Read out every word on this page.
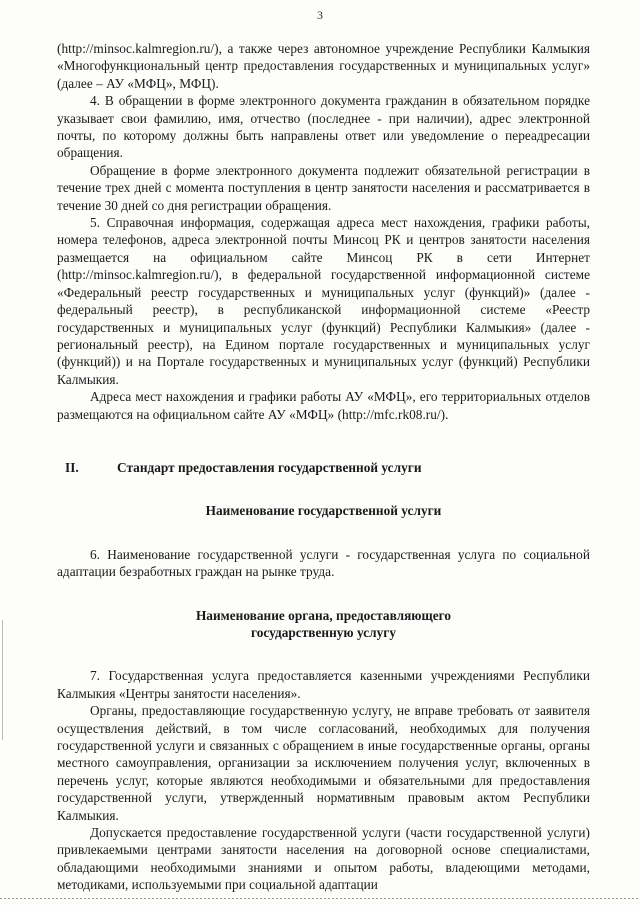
3

(http://minsoc.kalmregion.ru/), а также через автономное учреждение Республики Калмыкия «Многофункциональный центр предоставления государственных и муниципальных услуг» (далее – АУ «МФЦ», МФЦ).

4. В обращении в форме электронного документа гражданин в обязательном порядке указывает свои фамилию, имя, отчество (последнее - при наличии), адрес электронной почты, по которому должны быть направлены ответ или уведомление о переадресации обращения.

Обращение в форме электронного документа подлежит обязательной регистрации в течение трех дней с момента поступления в центр занятости населения и рассматривается в течение 30 дней со дня регистрации обращения.

5. Справочная информация, содержащая адреса мест нахождения, графики работы, номера телефонов, адреса электронной почты Минсоц РК и центров занятости населения размещается на официальном сайте Минсоц РК в сети Интернет (http://minsoc.kalmregion.ru/), в федеральной государственной информационной системе «Федеральный реестр государственных и муниципальных услуг (функций)» (далее - федеральный реестр), в республиканской информационной системе «Реестр государственных и муниципальных услуг (функций) Республики Калмыкия» (далее - региональный реестр), на Едином портале государственных и муниципальных услуг (функций)) и на Портале государственных и муниципальных услуг (функций) Республики Калмыкия.

Адреса мест нахождения и графики работы АУ «МФЦ», его территориальных отделов размещаются на официальном сайте АУ «МФЦ» (http://mfc.rk08.ru/).

II.	Стандарт предоставления государственной услуги

Наименование государственной услуги

6. Наименование государственной услуги - государственная услуга по социальной адаптации безработных граждан на рынке труда.

Наименование органа, предоставляющего
государственную услугу

7. Государственная услуга предоставляется казенными учреждениями Республики Калмыкия «Центры занятости населения».

Органы, предоставляющие государственную услугу, не вправе требовать от заявителя осуществления действий, в том числе согласований, необходимых для получения государственной услуги и связанных с обращением в иные государственные органы, органы местного самоуправления, организации за исключением получения услуг, включенных в перечень услуг, которые являются необходимыми и обязательными для предоставления государственной услуги, утвержденный нормативным правовым актом Республики Калмыкия.

Допускается предоставление государственной услуги (части государственной услуги) привлекаемыми центрами занятости населения на договорной основе специалистами, обладающими необходимыми знаниями и опытом работы, владеющими методами, методиками, используемыми при социальной адаптации
